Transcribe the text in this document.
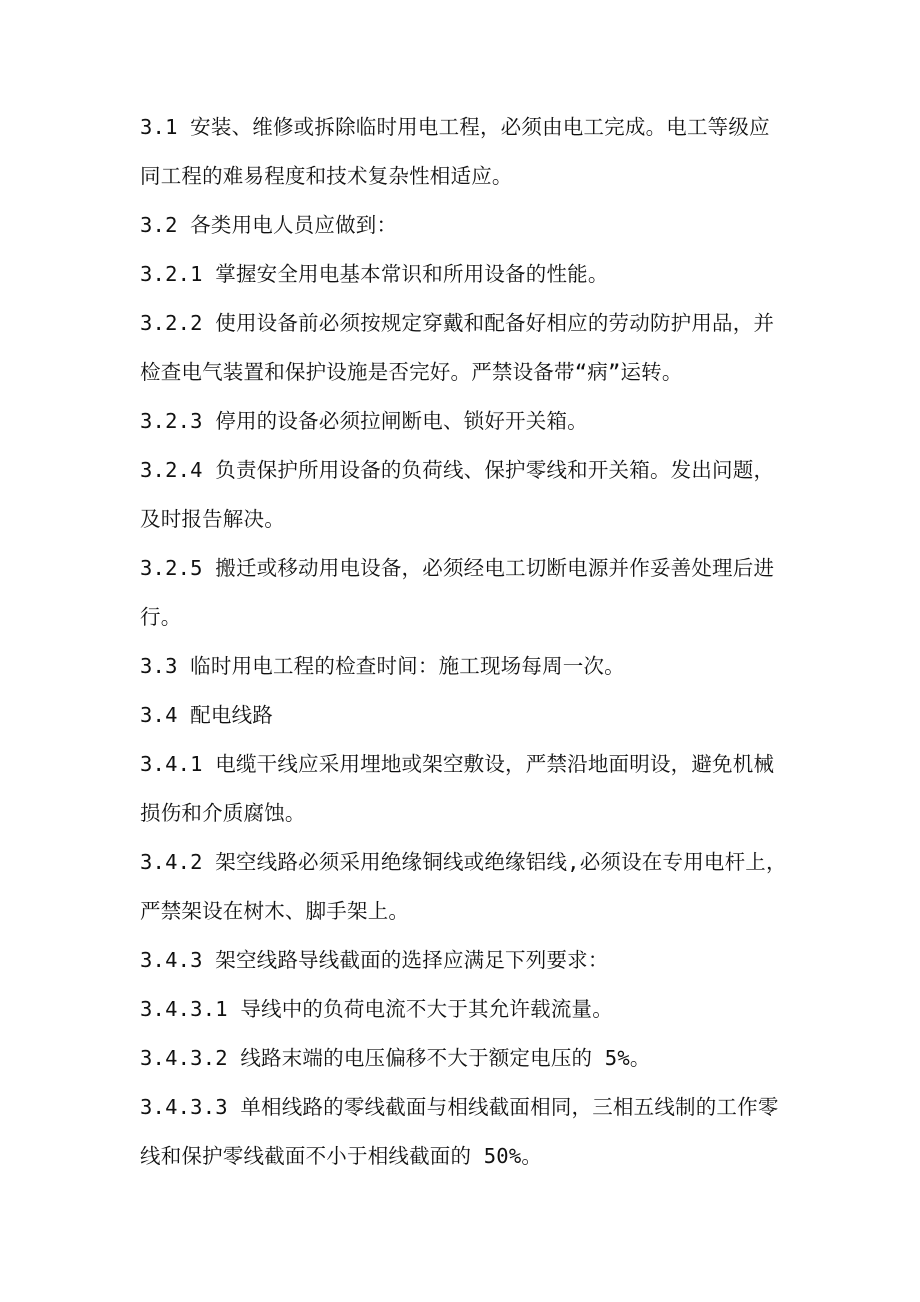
3.1 安装、维修或拆除临时用电工程，必须由电工完成。电工等级应
同工程的难易程度和技术复杂性相适应。
3.2 各类用电人员应做到：
3.2.1 掌握安全用电基本常识和所用设备的性能。
3.2.2 使用设备前必须按规定穿戴和配备好相应的劳动防护用品，并
检查电气装置和保护设施是否完好。严禁设备带“病”运转。
3.2.3 停用的设备必须拉闸断电、锁好开关箱。
3.2.4 负责保护所用设备的负荷线、保护零线和开关箱。发出问题，
及时报告解决。
3.2.5 搬迁或移动用电设备，必须经电工切断电源并作妥善处理后进
行。
3.3 临时用电工程的检查时间：施工现场每周一次。
3.4 配电线路
3.4.1 电缆干线应采用埋地或架空敷设，严禁沿地面明设，避免机械
损伤和介质腐蚀。
3.4.2 架空线路必须采用绝缘铜线或绝缘铝线,必须设在专用电杆上，
严禁架设在树木、脚手架上。
3.4.3 架空线路导线截面的选择应满足下列要求：
3.4.3.1 导线中的负荷电流不大于其允许载流量。
3.4.3.2 线路末端的电压偏移不大于额定电压的 5%。
3.4.3.3 单相线路的零线截面与相线截面相同，三相五线制的工作零
线和保护零线截面不小于相线截面的 50%。
